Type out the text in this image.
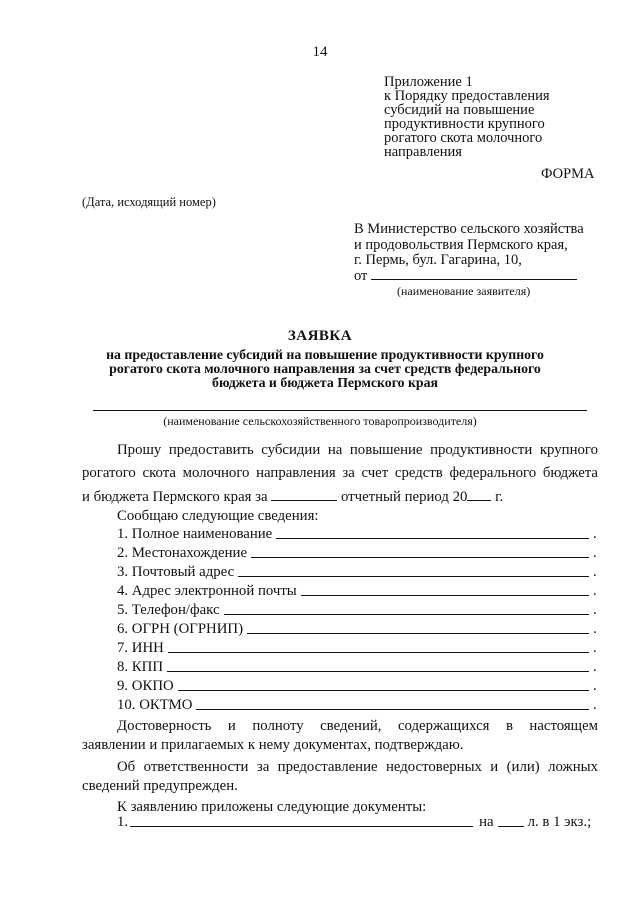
14
Приложение 1
к Порядку предоставления
субсидий на повышение
продуктивности крупного
рогатого скота молочного
направления
ФОРМА
(Дата, исходящий номер)
В Министерство сельского хозяйства
и продовольствия Пермского края,
г. Пермь, бул. Гагарина, 10,
от
(наименование заявителя)
ЗАЯВКА
на предоставление субсидий на повышение продуктивности крупного рогатого скота молочного направления за счет средств федерального бюджета и бюджета Пермского края
(наименование сельскохозяйственного товаропроизводителя)
Прошу предоставить субсидии на повышение продуктивности крупного
рогатого скота молочного направления за счет средств федерального бюджета
и бюджета Пермского края за	отчетный период 20 г.
Сообщаю следующие сведения:
1. Полное наименование	.
2. Местонахождение	.
3. Почтовый адрес	.
4. Адрес электронной почты	.
5. Телефон/факс	.
6. ОГРН (ОГРНИП)	.
7. ИНН	.
8. КПП	.
9. ОКПО	.
10. ОКТМО	.
Достоверность и полноту сведений, содержащихся в настоящем
заявлении и прилагаемых к нему документах, подтверждаю.
Об ответственности за предоставление недостоверных и (или) ложных
сведений предупрежден.
К заявлению приложены следующие документы:
1.	на л. в 1 экз.;
